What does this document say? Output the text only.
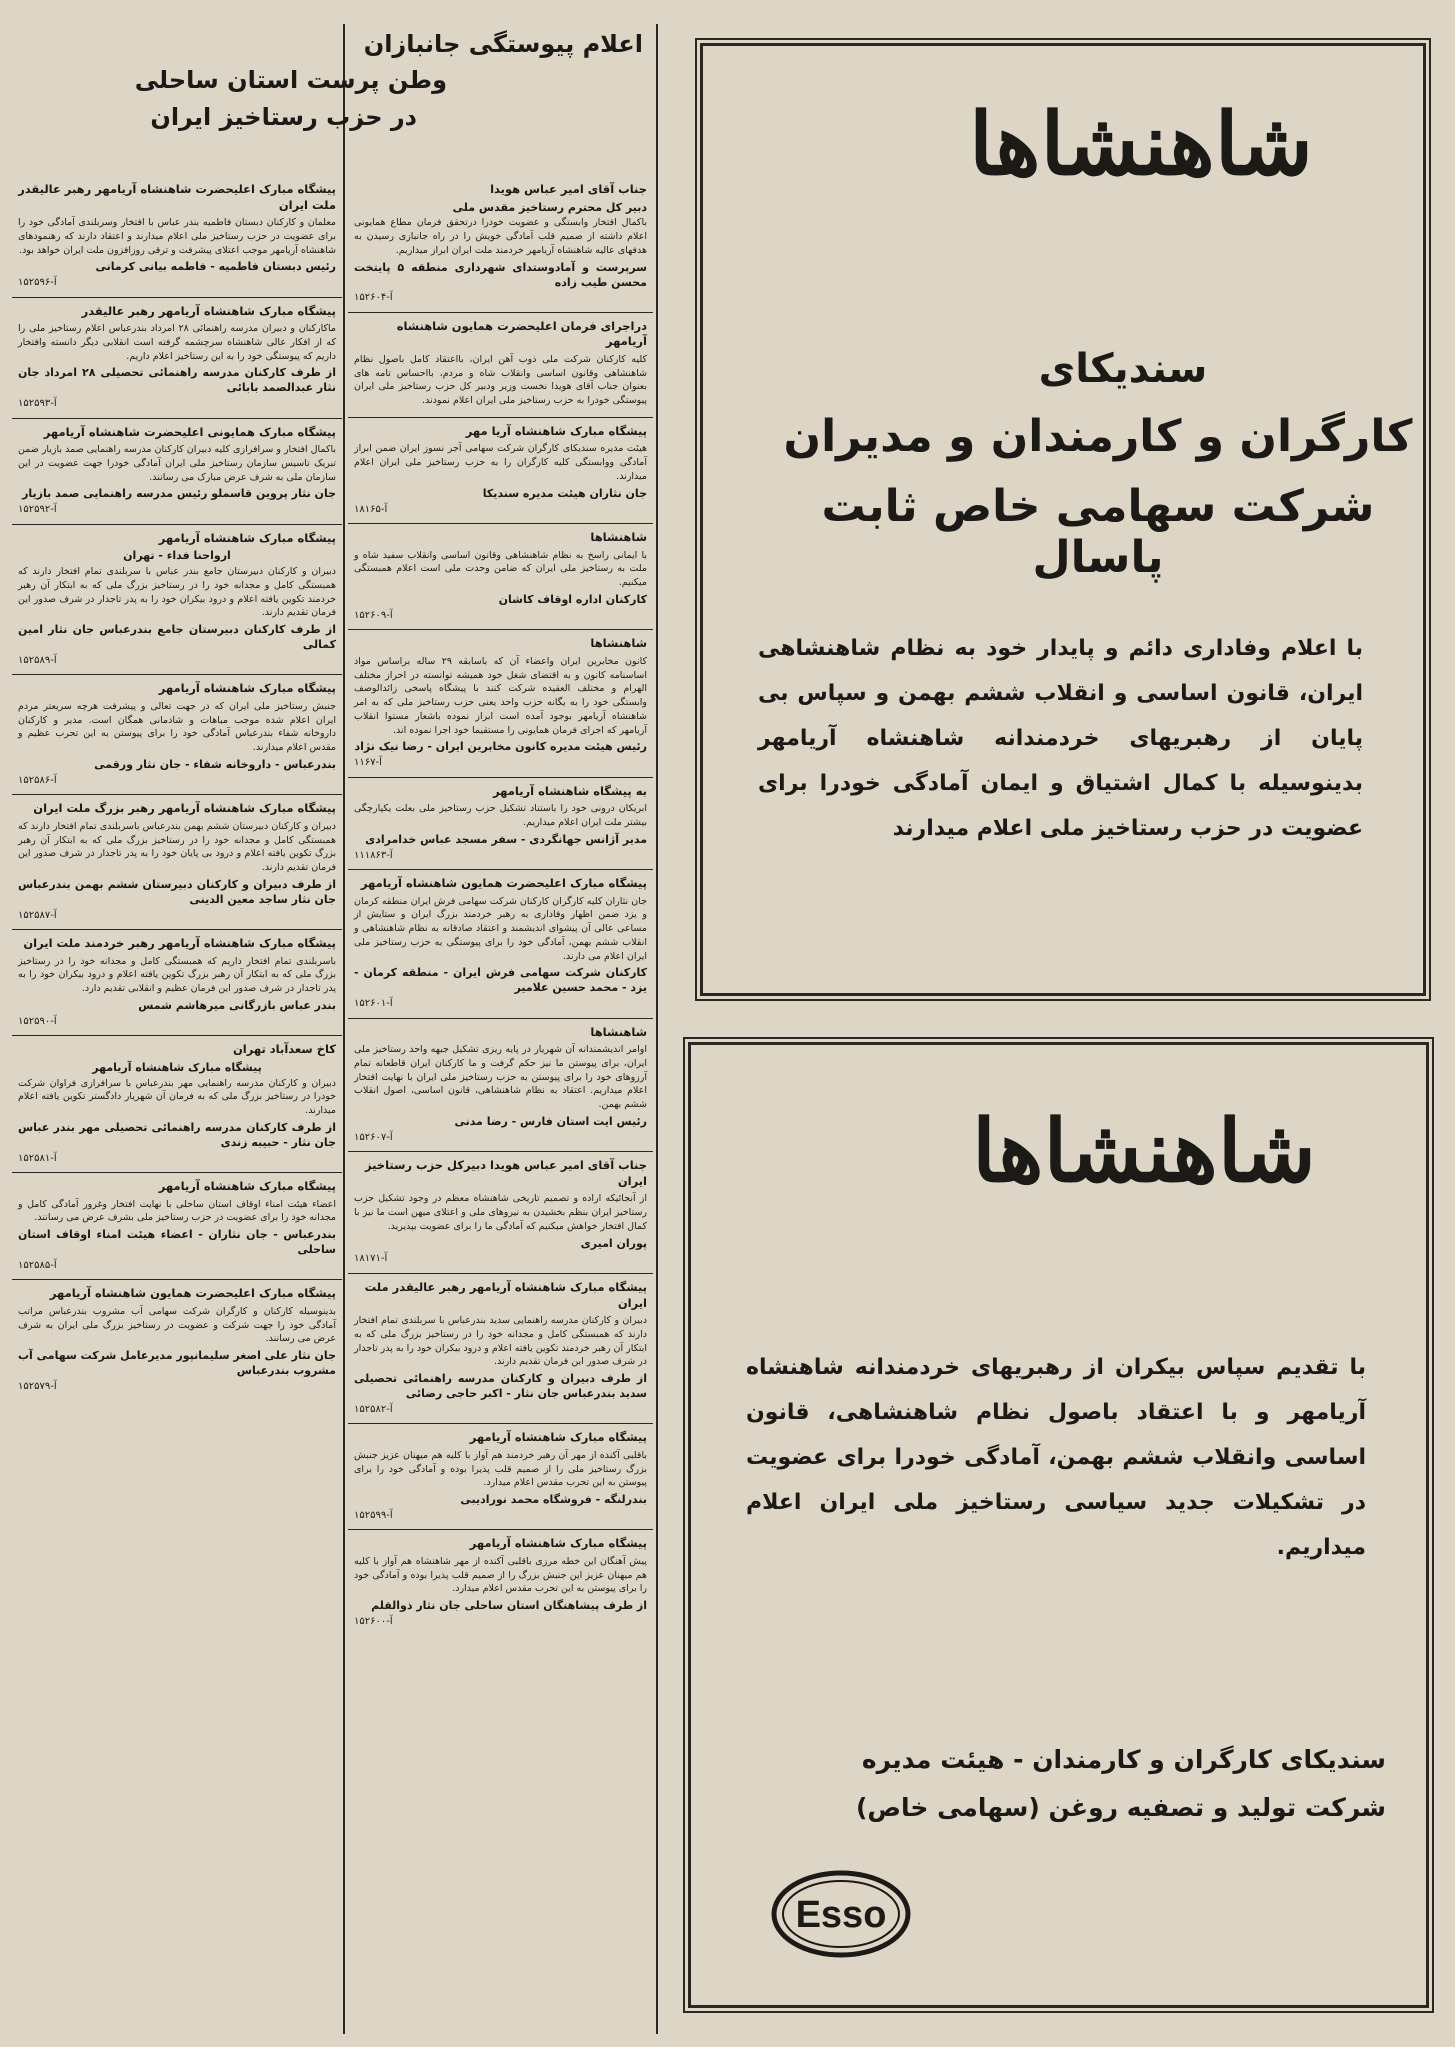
اعلام پیوستگی جانبازان
وطن پرست استان ساحلی
در حزب رستاخیز ایران
جناب آقای امیر عباس هویدا

دبیر کل محترم رستاخیز مقدس ملی

باکمال افتخار وابستگی و عضویت خودرا درتحقق فرمان مطاع همایونی اعلام داشته از صمیم قلب آمادگی خویش را در راه جانبازی رسیدن به هدفهای عالیه شاهنشاه آریامهر خردمند ملت ایران ابراز میداریم.

سرپرست و آمادوستدای شهرداری منطقه ۵ پایتخت محسن طیب زاده

آ-۱۵۲۶۰۴

دراجرای فرمان اعلیحضرت همایون شاهنشاه آریامهر

کلیه کارکنان شرکت ملی ذوب آهن ایران، بااعتقاد کامل باصول نظام شاهنشاهی وقانون اساسی وانقلاب شاه و مردم، بااحساس تامه های بعنوان جناب آقای هویدا نخست وزیر ودبیر کل حزب رستاخیز ملی ایران پیوستگی خودرا به حزب رستاخیز ملی ایران اعلام نمودند.

پیشگاه مبارک شاهنشاه آریا مهر

هیئت مدیره سندیکای کارگران شرکت سهامی آجر نسوز ایران ضمن ابراز آمادگی ووابستگی کلیه کارگران را به حزب رستاخیز ملی ایران اعلام میدارند.

جان نثاران هیئت مدیره سندیکا

آ-۱۸۱۶۵

شاهنشاها

با ایمانی راسخ به نظام شاهنشاهی وقانون اساسی وانقلاب سفید شاه و ملت به رستاخیز ملی ایران که ضامن وحدت ملی است اعلام همبستگی میکنیم.

کارکنان اداره اوقاف کاشان

آ-۱۵۲۶۰۹

شاهنشاها

کانون مخابرین ایران واعضاء آن که باسابقه ۲۹ ساله براساس مواد اساسنامه کانون و به اقتضای شغل خود همیشه توانسته در احراز مختلف الهرام و مختلف العقیده شرکت کنند با پیشگاه پاسخی زائدالوصف وابستگی خود را به یگانه حزب واحد یعنی حزب رستاخیز ملی که به امر شاهنشاه آریامهر بوجود آمده است ابراز نموده باشعار مستوا انقلاب آریامهر که اجرای فرمان همایونی را مستقیما خود اجرا نموده اند.

رئیس هیئت مدیره کانون مخابرین ایران - رضا نیک نژاد

آ-۱۱۶۷

به پیشگاه شاهنشاه آریامهر

ابریکان درونی خود را باستناد تشکیل حزب رستاخیز ملی بعلت یکپارچگی بیشتر ملت ایران اعلام میداریم.

مدیر آژانس جهانگردی - سفر مسجد عباس خدامرادی

آ-۱۱۱۸۶۳

پیشگاه مبارک اعلیحضرت همایون شاهنشاه آریامهر

جان نثاران کلیه کارگران کارکنان شرکت سهامی فرش ایران منطقه کرمان و یزد ضمن اظهار وفاداری به رهبر خردمند بزرگ ایران و ستایش از مساعی عالی آن پیشوای اندیشمند و اعتقاد صادقانه به نظام شاهنشاهی و انقلاب ششم بهمن، آمادگی خود را برای پیوستگی به حزب رستاخیز ملی ایران اعلام می دارند.

کارکنان شرکت سهامی فرش ایران - منطقه کرمان - یزد - محمد حسین علامیر

آ-۱۵۲۶۰۱

شاهنشاها

اوامر اندیشمندانه آن شهریار در پایه ریزی تشکیل جبهه واحد رستاخیز ملی ایران، برای پیوستن ما نیز حکم گرفت و ما کارکنان ایران قاطعانه تمام آرزوهای خود را برای پیوستن به حزب رستاخیز ملی ایران با نهایت افتخار اعلام میداریم. اعتقاد به نظام شاهنشاهی، قانون اساسی، اصول انقلاب ششم بهمن.

رئیس ایت استان فارس - رضا مدنی

آ-۱۵۲۶۰۷

جناب آقای امیر عباس هویدا دبیرکل حزب رستاخیز ایران

از آنجائیکه اراده و تصمیم تاریخی شاهنشاه معظم در وجود تشکیل حزب رستاخیز ایران بنظم بخشیدن به نیروهای ملی و اعتلای میهن است ما نیز با کمال افتخار خواهش میکنیم که آمادگی ما را برای عضویت بپذیرید.

پوران امیری

آ-۱۸۱۷۱

پیشگاه مبارک شاهنشاه آریامهر رهبر عالیقدر ملت ایران

دبیران و کارکنان مدرسه راهنمایی سدید بندرعباس با سربلندی تمام افتخار دارند که همبستگی کامل و مجدانه خود را در رستاخیز بزرگ ملی که به ابتکار آن رهبر خردمند تکوین یافته اعلام و درود بیکران خود را به پدر تاجدار در شرف صدور این فرمان تقدیم دارند.

از طرف دبیران و کارکنان مدرسه راهنمائی تحصیلی سدید بندرعباس جان نثار - اکبر حاجی رضائی

آ-۱۵۲۵۸۲

پیشگاه مبارک شاهنشاه آریامهر

باقلبی آکنده از مهر آن رهبر خردمند هم آواز با کلیه هم میهنان عزیز جنبش بزرگ رستاخیز ملی را از صمیم قلب پذیرا بوده و آمادگی خود را برای پیوستن به این تحرب مقدس اعلام میدارد.

بندرلنگه - فروشگاه محمد نورادیبی

آ-۱۵۲۵۹۹

پیشگاه مبارک شاهنشاه آریامهر

پیش آهنگان این خطه مرزی باقلبی آکنده از مهر شاهنشاه هم آواز با کلیه هم میهنان عزیز این جنبش بزرگ را از صمیم قلب پذیرا بوده و آمادگی خود را برای پیوستن به این تحرب مقدس اعلام میدارد.

از طرف پیشاهنگان استان ساحلی جان نثار ذوالقلم

آ-۱۵۲۶۰۰

پیشگاه مبارک اعلیحضرت شاهنشاه آریامهر رهبر عالیقدر ملت ایران

معلمان و کارکنان دبستان فاطمیه بندر عباس با افتخار وسربلندی آمادگی خود را برای عضویت در حزب رستاخیز ملی اعلام میدارند و اعتقاد دارند که رهنمودهای شاهنشاه آریامهر موجب اعتلای پیشرفت و ترقی روزافزون ملت ایران خواهد بود.

رئیس دبستان فاطمیه - فاطمه بیانی کرمانی

آ-۱۵۲۵۹۶

پیشگاه مبارک شاهنشاه آریامهر رهبر عالیقدر

ماکارکنان و دبیران مدرسه راهنمائی ۲۸ امرداد بندرعباس اعلام رستاخیز ملی را که از افکار عالی شاهنشاه سرچشمه گرفته است انقلابی دیگر دانسته وافتخار داریم که پیوستگی خود را به این رستاخیز اعلام داریم.

از طرف کارکنان مدرسه راهنمائی تحصیلی ۲۸ امرداد جان نثار عبدالصمد بابائی

آ-۱۵۲۵۹۳

پیشگاه مبارک همایونی اعلیحضرت شاهنشاه آریامهر

باکمال افتخار و سرافرازی کلیه دبیران کارکنان مدرسه راهنمایی صمد بازیار ضمن تبریک تاسیس سازمان رستاخیز ملی ایران آمادگی خودرا جهت عضویت در این سازمان ملی به شرف عرض مبارک می رسانند.

جان نثار پروین قاسملو رئیس مدرسه راهنمایی صمد بازیار

آ-۱۵۲۵۹۲

پیشگاه مبارک شاهنشاه آریامهر

ارواحنا فداء - تهران

دبیران و کارکنان دبیرستان جامع بندر عباس با سربلندی تمام افتخار دارند که همبستگی کامل و مجدانه خود را در رستاخیز بزرگ ملی که به ابتکار آن رهبر خردمند تکوین یافته اعلام و درود بیکران خود را به پدر تاجدار در شرف صدور این فرمان تقدیم دارند.

از طرف کارکنان دبیرستان جامع بندرعباس جان نثار امین کمالی

آ-۱۵۲۵۸۹

پیشگاه مبارک شاهنشاه آریامهر

جنبش رستاخیز ملی ایران که در جهت تعالی و پیشرفت هرچه سریعتر مردم ایران اعلام شده موجب مباهات و شادمانی همگان است. مدیر و کارکنان داروخانه شفاء بندرعباس آمادگی خود را برای پیوستن به این تحرب عظیم و مقدس اعلام میدارند.

بندرعباس - داروخانه شفاء - جان نثار ورقمی

آ-۱۵۲۵۸۶

پیشگاه مبارک شاهنشاه آریامهر رهبر بزرگ ملت ایران

دبیران و کارکنان دبیرستان ششم بهمن بندرعباس باسربلندی تمام افتخار دارند که همبستگی کامل و مجدانه خود را در رستاخیز بزرگ ملی که به ابتکار آن رهبر بزرگ تکوین یافته اعلام و درود بی پایان خود را به پدر تاجدار در شرف صدور این فرمان تقدیم دارند.

از طرف دبیران و کارکنان دبیرستان ششم بهمن بندرعباس جان نثار ساجد معین الدینی

آ-۱۵۲۵۸۷

پیشگاه مبارک شاهنشاه آریامهر رهبر خردمند ملت ایران

باسربلندی تمام افتخار داریم که همبستگی کامل و مجدانه خود را در رستاخیز بزرگ ملی که به ابتکار آن رهبر بزرگ تکوین یافته اعلام و درود بیکران خود را به پدر تاجدار در شرف صدور این فرمان عظیم و انقلابی تقدیم دارد.

بندر عباس بازرگانی میرهاشم شمس

آ-۱۵۲۵۹۰

کاخ سعدآباد تهران

پیشگاه مبارک شاهنشاه آریامهر

دبیران و کارکنان مدرسه راهنمایی مهر بندرعباس با سرافرازی فراوان شرکت خودرا در رستاخیز بزرگ ملی که به فرمان آن شهریار دادگستر تکوین یافته اعلام میدارند.

از طرف کارکنان مدرسه راهنمائی تحصیلی مهر بندر عباس جان نثار - حبیبه زندی

آ-۱۵۲۵۸۱

پیشگاه مبارک شاهنشاه آریامهر

اعضاء هیئت امناء اوقاف استان ساحلی با نهایت افتخار وغرور آمادگی کامل و مجدانه خود را برای عضویت در حزب رستاخیز ملی بشرف عرض می رسانند.

بندرعباس - جان نثاران - اعضاء هیئت امناء اوقاف استان ساحلی

آ-۱۵۲۵۸۵

پیشگاه مبارک اعلیحضرت همایون شاهنشاه آریامهر

بدینوسیله کارکنان و کارگران شرکت سهامی آب مشروب بندرعباس مراتب آمادگی خود را جهت شرکت و عضویت در رستاخیز بزرگ ملی ایران به شرف عرض می رسانند.

جان نثار علی اصغر سلیمانپور مدیرعامل شرکت سهامی آب مشروب بندرعباس

آ-۱۵۲۵۷۹

شاهنشاها
سندیکای
کارگران و کارمندان و مدیران
شرکت سهامی خاص ثابت پاسال
با اعلام وفاداری دائم و پایدار خود به نظام شاهنشاهی ایران، قانون اساسی و انقلاب ششم بهمن و سپاس بی پایان از رهبریهای خردمندانه شاهنشاه آریامهر بدینوسیله با کمال اشتیاق و ایمان آمادگی خودرا برای عضویت در حزب رستاخیز ملی اعلام میدارند
شاهنشاها
با تقدیم سپاس بیکران از رهبریهای خردمندانه شاهنشاه آریامهر و با اعتقاد باصول نظام شاهنشاهی، قانون اساسی وانقلاب ششم بهمن، آمادگی خودرا برای عضویت در تشکیلات جدید سیاسی رستاخیز ملی ایران اعلام میداریم.
سندیکای کارگران و کارمندان - هیئت مدیره
شرکت تولید و تصفیه روغن (سهامی خاص)
Esso
